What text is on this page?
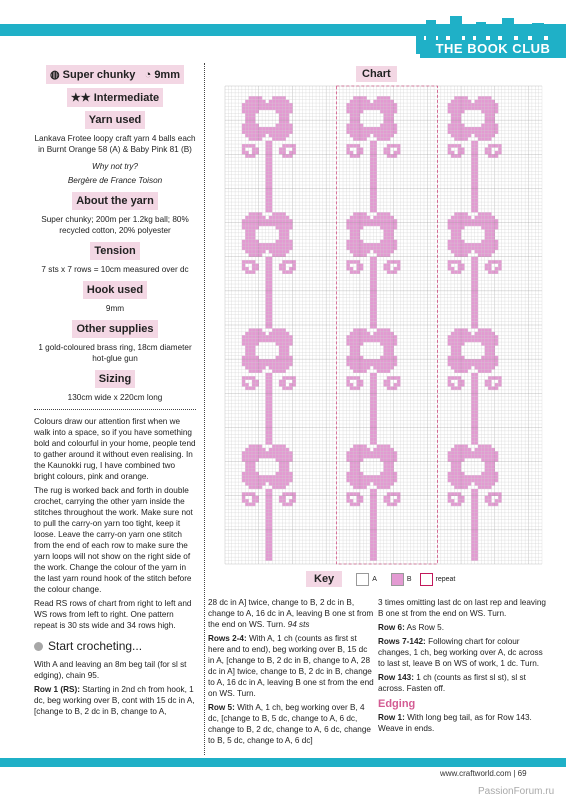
THE BOOK CLUB
◍ Super chunky ◔ 9mm
★★ Intermediate
Yarn used

Lankava Frotee loopy craft yarn 4 balls each in Burnt Orange 58 (A) & Baby Pink 81 (B)

Why not try?

Bergère de France Toison

About the yarn
Super chunky; 200m per 1.2kg ball; 80% recycled cotton, 20% polyester
Tension
7 sts x 7 rows = 10cm measured over dc
Hook used
9mm
Other supplies
1 gold-coloured brass ring, 18cm diameter hot-glue gun
Sizing
130cm wide x 220cm long

Colours draw our attention first when we walk into a space, so if you have something bold and colourful in your home, people tend to gather around it without even realising. In the Kaunokki rug, I have combined two bright colours, pink and orange.

The rug is worked back and forth in double crochet, carrying the other yarn inside the stitches throughout the work. Make sure not to pull the carry-on yarn too tight, keep it loose. Leave the carry-on yarn one stitch from the end of each row to make sure the yarn loops will not show on the right side of the work. Change the colour of the yarn in the last yarn round hook of the stitch before the colour change.

Read RS rows of chart from right to left and WS rows from left to right. One pattern repeat is 30 sts wide and 34 rows high.

Start crocheting...

With A and leaving an 8m beg tail (for sl st edging), chain 95.

Row 1 (RS): Starting in 2nd ch from hook, 1 dc, beg working over B, cont with 15 dc in A, [change to B, 2 dc in B, change to A,

Chart
Key	A	B	repeat

28 dc in A] twice, change to B, 2 dc in B, change to A, 16 dc in A, leaving B one st from the end on WS. Turn. 94 sts

Rows 2-4: With A, 1 ch (counts as first st here and to end), beg working over B, 15 dc in A, [change to B, 2 dc in B, change to A, 28 dc in A] twice, change to B, 2 dc in B, change to A, 16 dc in A, leaving B one st from the end on WS. Turn.

Row 5: With A, 1 ch, beg working over B, 4 dc, [change to B, 5 dc, change to A, 6 dc, change to B, 2 dc, change to A, 6 dc, change to B, 5 dc, change to A, 6 dc]

3 times omitting last dc on last rep and leaving B one st from the end on WS. Turn.

Row 6: As Row 5.

Rows 7-142: Following chart for colour changes, 1 ch, beg working over A, dc across to last st, leave B on WS of work, 1 dc. Turn.

Row 143: 1 ch (counts as first sl st), sl st across. Fasten off.

Edging

Row 1: With long beg tail, as for Row 143. Weave in ends.

www.craftworld.com | 69
PassionForum.ru
